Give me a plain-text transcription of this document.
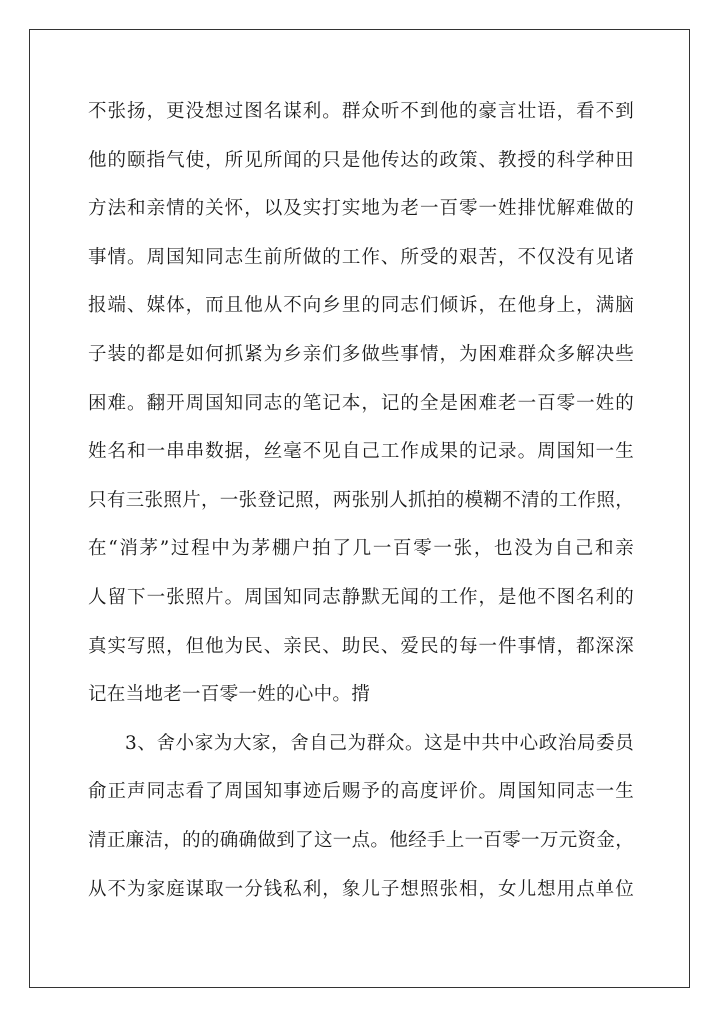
不张扬，更没想过图名谋利。群众听不到他的豪言壮语，看不到
他的颐指气使，所见所闻的只是他传达的政策、教授的科学种田
方法和亲情的关怀，以及实打实地为老一百零一姓排忧解难做的
事情。周国知同志生前所做的工作、所受的艰苦，不仅没有见诸
报端、媒体，而且他从不向乡里的同志们倾诉，在他身上，满脑
子装的都是如何抓紧为乡亲们多做些事情，为困难群众多解决些
困难。翻开周国知同志的笔记本，记的全是困难老一百零一姓的
姓名和一串串数据，丝毫不见自己工作成果的记录。周国知一生
只有三张照片，一张登记照，两张别人抓拍的模糊不清的工作照，
在“消茅”过程中为茅棚户拍了几一百零一张，也没为自己和亲
人留下一张照片。周国知同志静默无闻的工作，是他不图名利的
真实写照，但他为民、亲民、助民、爱民的每一件事情，都深深
记在当地老一百零一姓的心中。揹
3、舍小家为大家，舍自己为群众。这是中共中心政治局委员
俞正声同志看了周国知事迹后赐予的高度评价。周国知同志一生
清正廉洁，的的确确做到了这一点。他经手上一百零一万元资金，
从不为家庭谋取一分钱私利，象儿子想照张相，女儿想用点单位
